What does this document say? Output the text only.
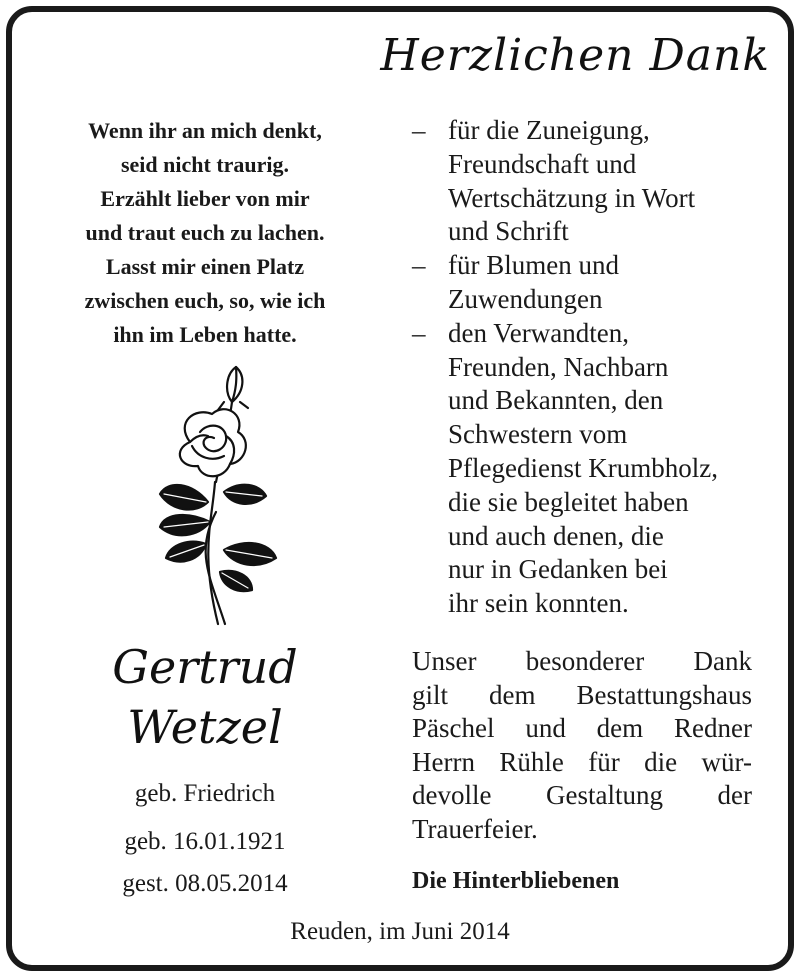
Herzlichen Dank
Wenn ihr an mich denkt,
seid nicht traurig.
Erzählt lieber von mir
und traut euch zu lachen.
Lasst mir einen Platz
zwischen euch, so, wie ich
ihn im Leben hatte.
Gertrud
Wetzel
geb. Friedrich
geb. 16.01.1921
gest. 08.05.2014
– für die Zuneigung,
Freundschaft und
Wertschätzung in Wort
und Schrift
– für Blumen und
Zuwendungen
– den Verwandten,
Freunden, Nachbarn
und Bekannten, den
Schwestern vom
Pflegedienst Krumbholz,
die sie begleitet haben
und auch denen, die
nur in Gedanken bei
ihr sein konnten.
Unser besonderer Dank
gilt dem Bestattungshaus
Päschel und dem Redner
Herrn Rühle für die wür-
devolle Gestaltung der
Trauerfeier.
Die Hinterbliebenen
Reuden, im Juni 2014
